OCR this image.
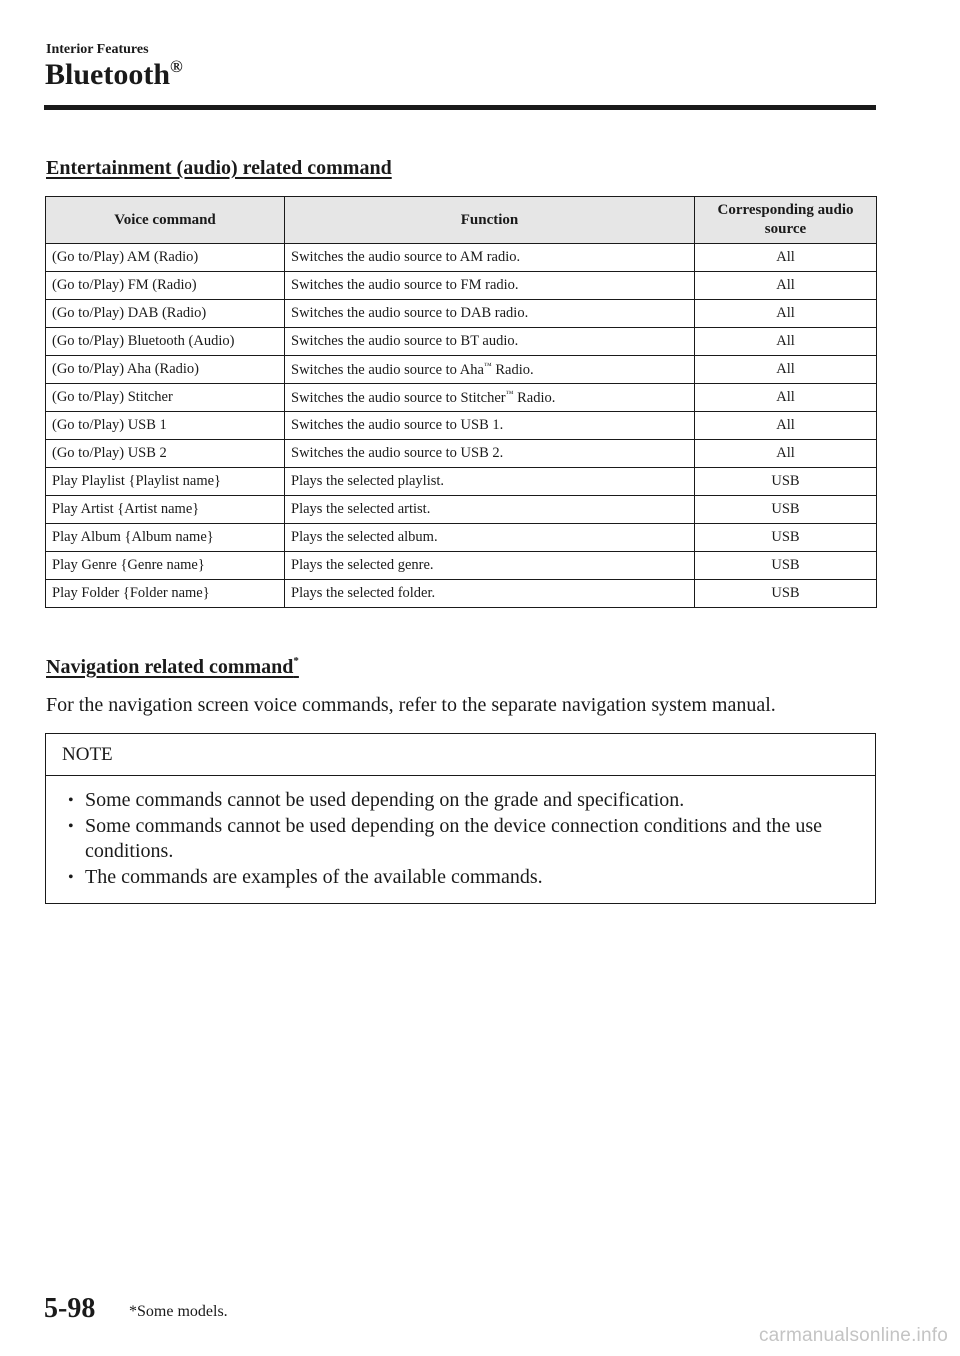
Interior Features
Bluetooth®
Entertainment (audio) related command
Voice command	Function	Corresponding audio source
(Go to/Play) AM (Radio)	Switches the audio source to AM radio.	All
(Go to/Play) FM (Radio)	Switches the audio source to FM radio.	All
(Go to/Play) DAB (Radio)	Switches the audio source to DAB radio.	All
(Go to/Play) Bluetooth (Audio)	Switches the audio source to BT audio.	All
(Go to/Play) Aha (Radio)	Switches the audio source to Aha™ Radio.	All
(Go to/Play) Stitcher	Switches the audio source to Stitcher™ Radio.	All
(Go to/Play) USB 1	Switches the audio source to USB 1.	All
(Go to/Play) USB 2	Switches the audio source to USB 2.	All
Play Playlist {Playlist name}	Plays the selected playlist.	USB
Play Artist {Artist name}	Plays the selected artist.	USB
Play Album {Album name}	Plays the selected album.	USB
Play Genre {Genre name}	Plays the selected genre.	USB
Play Folder {Folder name}	Plays the selected folder.	USB
Navigation related command*

For the navigation screen voice commands, refer to the separate navigation system manual.

NOTE
• Some commands cannot be used depending on the grade and specification.
• Some commands cannot be used depending on the device connection conditions and the use conditions.
• The commands are examples of the available commands.
5-98 *Some models.
carmanualsonline.info
